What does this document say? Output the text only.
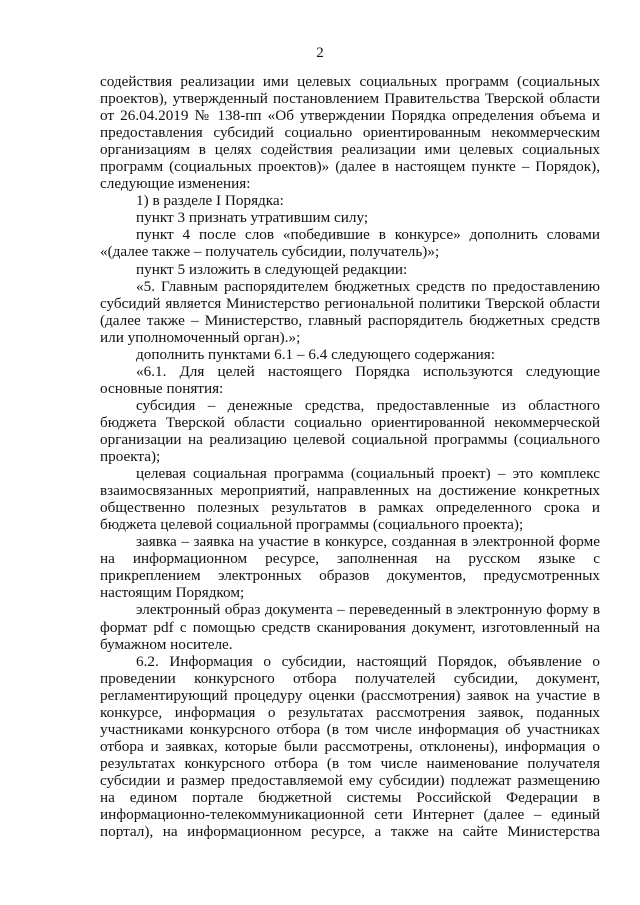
2

содействия реализации ими целевых социальных программ (социальных проектов), утвержденный постановлением Правительства Тверской области от 26.04.2019 № 138-пп «Об утверждении Порядка определения объема и предоставления субсидий социально ориентированным некоммерческим организациям в целях содействия реализации ими целевых социальных программ (социальных проектов)» (далее в настоящем пункте – Порядок), следующие изменения:

1) в разделе I Порядка:

пункт 3 признать утратившим силу;

пункт 4 после слов «победившие в конкурсе» дополнить словами «(далее также – получатель субсидии, получатель)»;

пункт 5 изложить в следующей редакции:

«5. Главным распорядителем бюджетных средств по предоставлению субсидий является Министерство региональной политики Тверской области (далее также – Министерство, главный распорядитель бюджетных средств или уполномоченный орган).»;

дополнить пунктами 6.1 – 6.4 следующего содержания:

«6.1. Для целей настоящего Порядка используются следующие основные понятия:

субсидия – денежные средства, предоставленные из областного бюджета Тверской области социально ориентированной некоммерческой организации на реализацию целевой социальной программы (социального проекта);

целевая социальная программа (социальный проект) – это комплекс взаимосвязанных мероприятий, направленных на достижение конкретных общественно полезных результатов в рамках определенного срока и бюджета целевой социальной программы (социального проекта);

заявка – заявка на участие в конкурсе, созданная в электронной форме на информационном ресурсе, заполненная на русском языке с прикреплением электронных образов документов, предусмотренных настоящим Порядком;

электронный образ документа – переведенный в электронную форму в формат pdf с помощью средств сканирования документ, изготовленный на бумажном носителе.

6.2. Информация о субсидии, настоящий Порядок, объявление о проведении конкурсного отбора получателей субсидии, документ, регламентирующий процедуру оценки (рассмотрения) заявок на участие в конкурсе, информация о результатах рассмотрения заявок, поданных участниками конкурсного отбора (в том числе информация об участниках отбора и заявках, которые были рассмотрены, отклонены), информация о результатах конкурсного отбора (в том числе наименование получателя субсидии и размер предоставляемой ему субсидии) подлежат размещению на едином портале бюджетной системы Российской Федерации в информационно-телекоммуникационной сети Интернет (далее – единый портал), на информационном ресурсе, а также на сайте Министерства
